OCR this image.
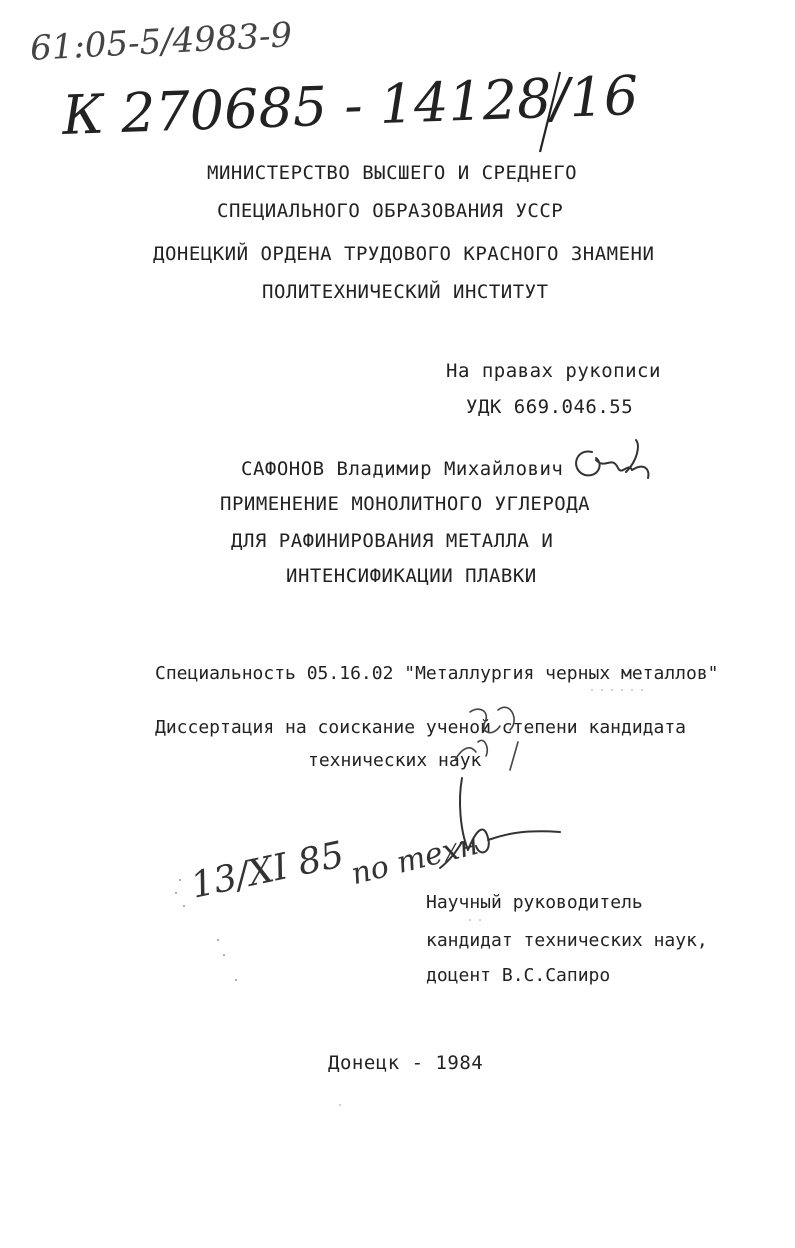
61:05-5/4983-9
К 270685 - 14128/16
МИНИСТЕРСТВО ВЫСШЕГО И СРЕДНЕГО
СПЕЦИАЛЬНОГО ОБРАЗОВАНИЯ УССР
ДОНЕЦКИЙ ОРДЕНА ТРУДОВОГО КРАСНОГО ЗНАМЕНИ
ПОЛИТЕХНИЧЕСКИЙ ИНСТИТУТ
На правах рукописи
УДК 669.046.55
САФОНОВ Владимир Михайлович
ПРИМЕНЕНИЕ МОНОЛИТНОГО УГЛЕРОДА
ДЛЯ РАФИНИРОВАНИЯ МЕТАЛЛА И
ИНТЕНСИФИКАЦИИ ПЛАВКИ
Специальность 05.16.02 "Металлургия черных металлов"
Диссертация на соискание ученой степени кандидата
технических наук
13/XI 85 по техн
Научный руководитель
кандидат технических наук,
доцент В.С.Сапиро
Донецк - 1984
